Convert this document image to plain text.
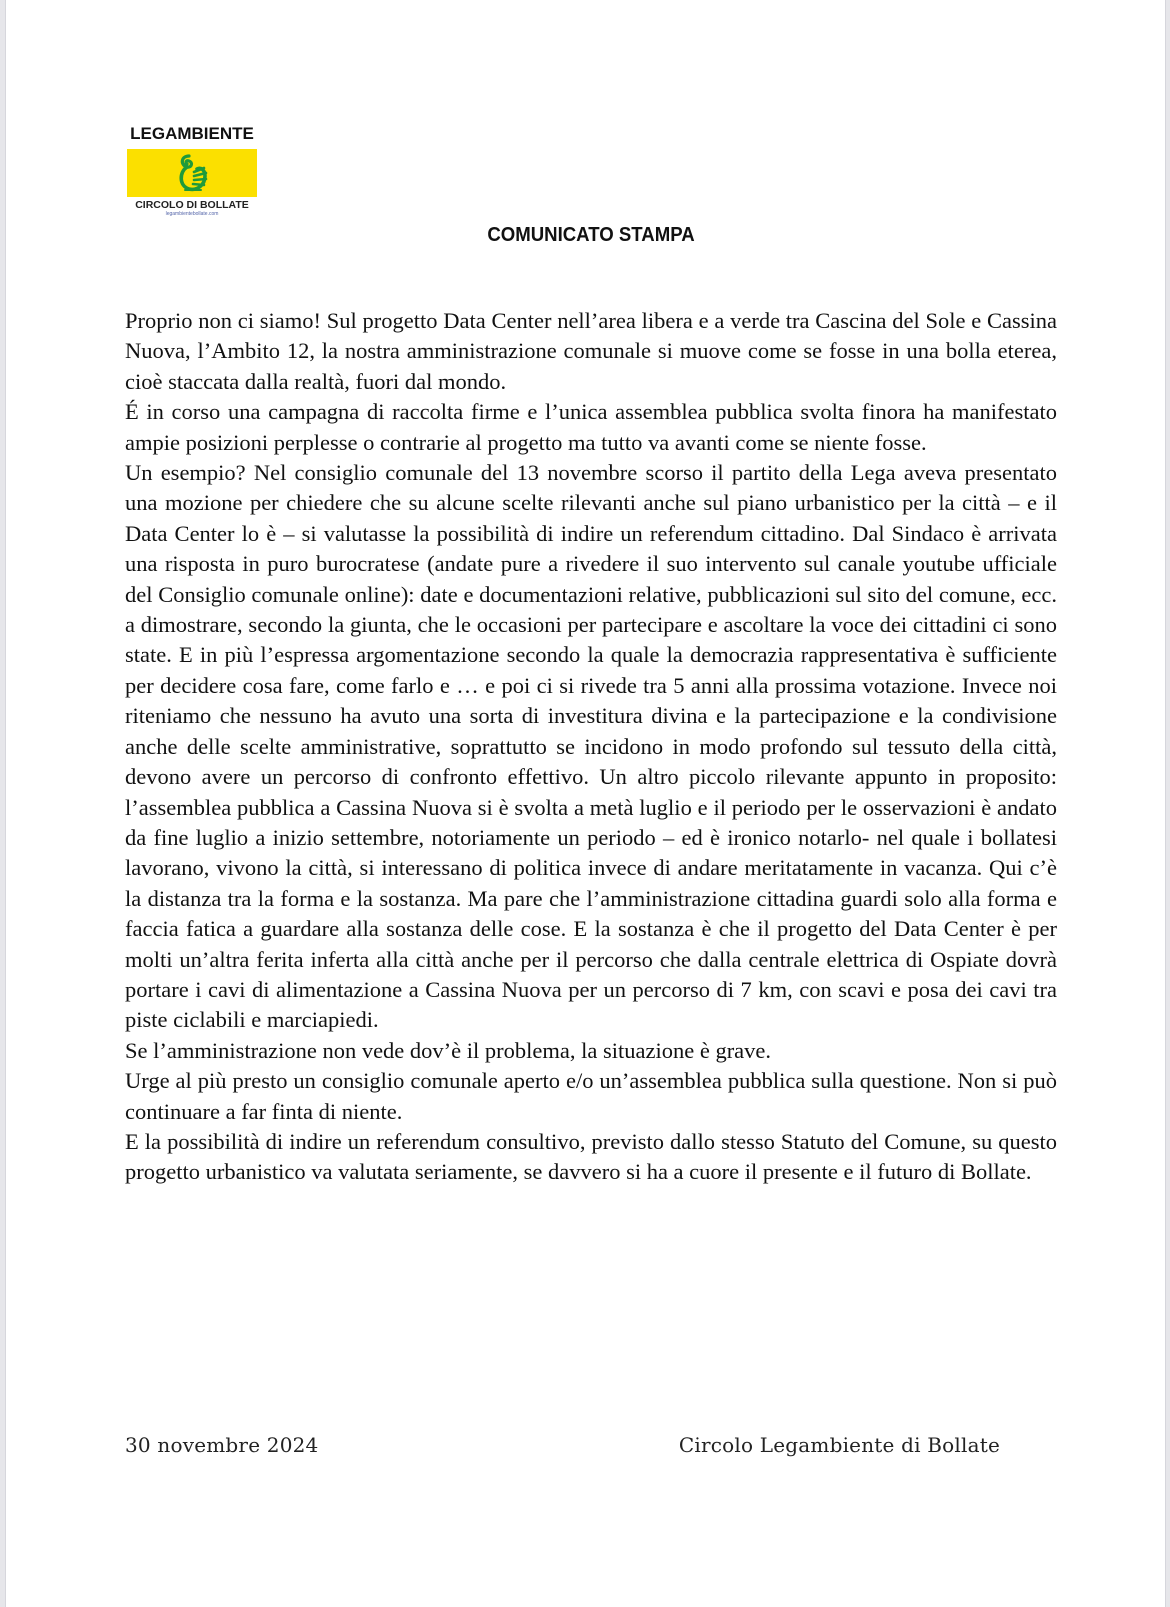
LEGAMBIENTE
CIRCOLO DI BOLLATE
legambientebollate.com
COMUNICATO STAMPA

Proprio non ci siamo! Sul progetto Data Center nell’area libera e a verde tra Cascina del Sole e Cassina Nuova, l’Ambito 12, la nostra amministrazione comunale si muove come se fosse in una bolla eterea, cioè staccata dalla realtà, fuori dal mondo.

É in corso una campagna di raccolta firme e l’unica assemblea pubblica svolta finora ha manifestato ampie posizioni perplesse o contrarie al progetto ma tutto va avanti come se niente fosse.

Un esempio? Nel consiglio comunale del 13 novembre scorso il partito della Lega aveva presentato una mozione per chiedere che su alcune scelte rilevanti anche sul piano urbanistico per la città – e il Data Center lo è – si valutasse la possibilità di indire un referendum cittadino. Dal Sindaco è arrivata una risposta in puro burocratese (andate pure a rivedere il suo intervento sul canale youtube ufficiale del Consiglio comunale online): date e documentazioni relative, pubblicazioni sul sito del comune, ecc. a dimostrare, secondo la giunta, che le occasioni per partecipare e ascoltare la voce dei cittadini ci sono state. E in più l’espressa argomentazione secondo la quale la democrazia rappresentativa è sufficiente per decidere cosa fare, come farlo e … e poi ci si rivede tra 5 anni alla prossima votazione. Invece noi riteniamo che nessuno ha avuto una sorta di investitura divina e la partecipazione e la condivisione anche delle scelte amministrative, soprattutto se incidono in modo profondo sul tessuto della città, devono avere un percorso di confronto effettivo. Un altro piccolo rilevante appunto in proposito: l’assemblea pubblica a Cassina Nuova si è svolta a metà luglio e il periodo per le osservazioni è andato da fine luglio a inizio settembre, notoriamente un periodo – ed è ironico notarlo- nel quale i bollatesi lavorano, vivono la città, si interessano di politica invece di andare meritatamente in vacanza. Qui c’è la distanza tra la forma e la sostanza. Ma pare che l’amministrazione cittadina guardi solo alla forma e faccia fatica a guardare alla sostanza delle cose. E la sostanza è che il progetto del Data Center è per molti un’altra ferita inferta alla città anche per il percorso che dalla centrale elettrica di Ospiate dovrà portare i cavi di alimentazione a Cassina Nuova per un percorso di 7 km, con scavi e posa dei cavi tra piste ciclabili e marciapiedi.

Se l’amministrazione non vede dov’è il problema, la situazione è grave.

Urge al più presto un consiglio comunale aperto e/o un’assemblea pubblica sulla questione. Non si può continuare a far finta di niente.

E la possibilità di indire un referendum consultivo, previsto dallo stesso Statuto del Comune, su questo progetto urbanistico va valutata seriamente, se davvero si ha a cuore il presente e il futuro di Bollate.

30 novembre 2024	Circolo Legambiente di Bollate
